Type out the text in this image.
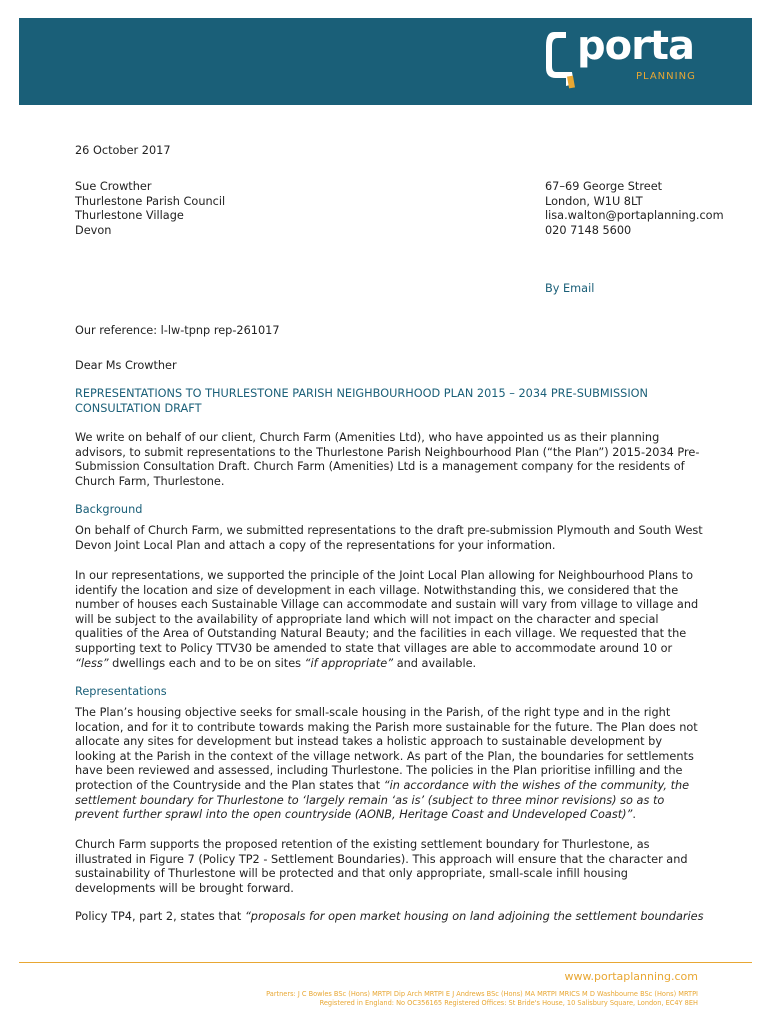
porta
PLANNING

26 October 2017

Sue Crowther
Thurlestone Parish Council
Thurlestone Village
Devon
67–69 George Street
London, W1U 8LT
lisa.walton@portaplanning.com
020 7148 5600

By Email

Our reference: l-lw-tpnp rep-261017

Dear Ms Crowther

REPRESENTATIONS TO THURLESTONE PARISH NEIGHBOURHOOD PLAN 2015 – 2034 PRE-SUBMISSION CONSULTATION DRAFT

We write on behalf of our client, Church Farm (Amenities Ltd), who have appointed us as their planning advisors, to submit representations to the Thurlestone Parish Neighbourhood Plan (“the Plan”) 2015-2034 Pre-Submission Consultation Draft. Church Farm (Amenities) Ltd is a management company for the residents of Church Farm, Thurlestone.

Background

On behalf of Church Farm, we submitted representations to the draft pre-submission Plymouth and South West Devon Joint Local Plan and attach a copy of the representations for your information.

In our representations, we supported the principle of the Joint Local Plan allowing for Neighbourhood Plans to identify the location and size of development in each village. Notwithstanding this, we considered that the number of houses each Sustainable Village can accommodate and sustain will vary from village to village and will be subject to the availability of appropriate land which will not impact on the character and special qualities of the Area of Outstanding Natural Beauty; and the facilities in each village. We requested that the supporting text to Policy TTV30 be amended to state that villages are able to accommodate around 10 or “less” dwellings each and to be on sites “if appropriate” and available.

Representations

The Plan’s housing objective seeks for small-scale housing in the Parish, of the right type and in the right location, and for it to contribute towards making the Parish more sustainable for the future. The Plan does not allocate any sites for development but instead takes a holistic approach to sustainable development by looking at the Parish in the context of the village network. As part of the Plan, the boundaries for settlements have been reviewed and assessed, including Thurlestone. The policies in the Plan prioritise infilling and the protection of the Countryside and the Plan states that “in accordance with the wishes of the community, the settlement boundary for Thurlestone to ‘largely remain ‘as is’ (subject to three minor revisions) so as to prevent further sprawl into the open countryside (AONB, Heritage Coast and Undeveloped Coast)”.

Church Farm supports the proposed retention of the existing settlement boundary for Thurlestone, as illustrated in Figure 7 (Policy TP2 - Settlement Boundaries). This approach will ensure that the character and sustainability of Thurlestone will be protected and that only appropriate, small-scale infill housing developments will be brought forward.

Policy TP4, part 2, states that “proposals for open market housing on land adjoining the settlement boundaries

www.portaplanning.com
Partners: J C Bowles BSc (Hons) MRTPI Dip Arch MRTPI E J Andrews BSc (Hons) MA MRTPI MRICS M D Washbourne BSc (Hons) MRTPI
Registered in England: No OC356165 Registered Offices: St Bride's House, 10 Salisbury Square, London, EC4Y 8EH
